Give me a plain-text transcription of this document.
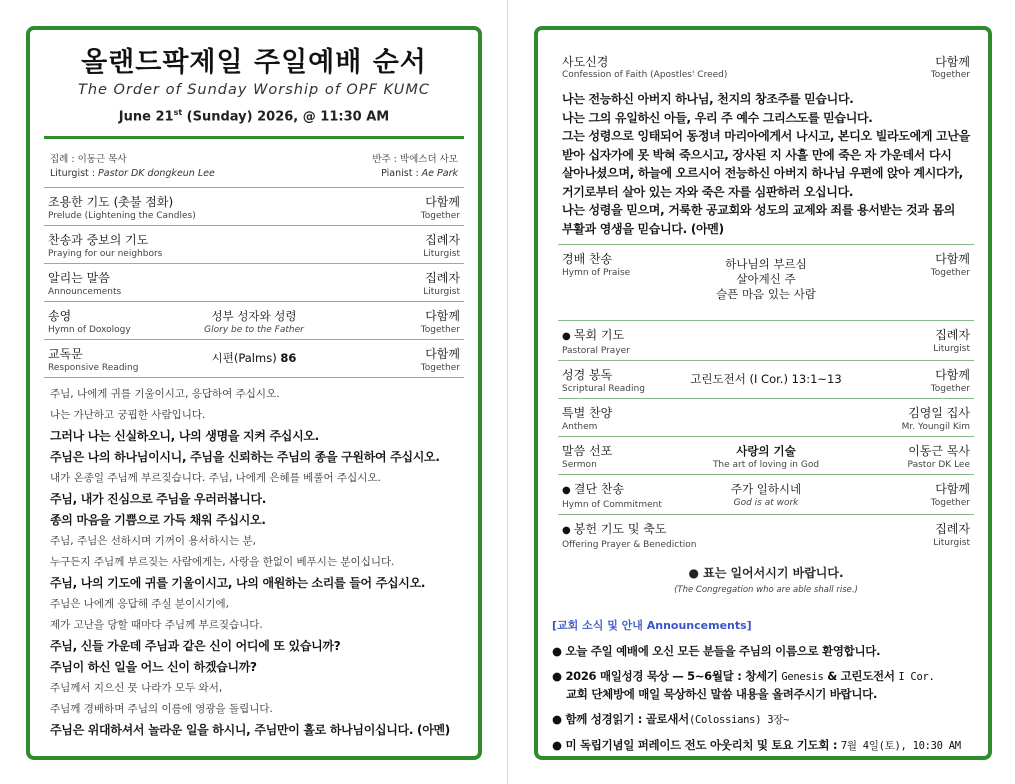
올랜드팍제일 주일예배 순서
The Order of Sunday Worship of OPF KUMC
June 21st (Sunday) 2026, @ 11:30 AM
집례 : 이동근 목사
Liturgist : Pastor DK dongkeun Lee
반주 : 박에스더 사모
Pianist : Ae Park
조용한 기도 (촛불 점화)
Prelude (Lightening the Candles)
다함께
Together
찬송과 중보의 기도
Praying for our neighbors
집례자
Liturgist
알리는 말씀
Announcements
집례자
Liturgist
송영
Hymn of Doxology
성부 성자와 성령
Glory be to the Father
다함께
Together
교독문
Responsive Reading
시편(Palms) 86	다함께
Together

주님, 나에게 귀를 기울이시고, 응답하여 주십시오.

나는 가난하고 궁핍한 사람입니다.

그러나 나는 신실하오니, 나의 생명을 지켜 주십시오.

주님은 나의 하나님이시니, 주님을 신뢰하는 주님의 종을 구원하여 주십시오.

내가 온종일 주님께 부르짖습니다. 주님, 나에게 은혜를 베풀어 주십시오.

주님, 내가 진심으로 주님을 우러러봅니다.

종의 마음을 기쁨으로 가득 채워 주십시오.

주님, 주님은 선하시며 기꺼이 용서하시는 분,

누구든지 주님께 부르짖는 사람에게는, 사랑을 한없이 베푸시는 분이십니다.

주님, 나의 기도에 귀를 기울이시고, 나의 애원하는 소리를 들어 주십시오.

주님은 나에게 응답해 주실 분이시기에,

제가 고난을 당할 때마다 주님께 부르짖습니다.

주님, 신들 가운데 주님과 같은 신이 어디에 또 있습니까?

주님이 하신 일을 어느 신이 하겠습니까?

주님께서 지으신 뭇 나라가 모두 와서,

주님께 경배하며 주님의 이름에 영광을 돌립니다.

주님은 위대하셔서 놀라운 일을 하시니, 주님만이 홀로 하나님이십니다. (아멘)

사도신경
Confession of Faith (Apostles' Creed)
다함께
Together

나는 전능하신 아버지 하나님, 천지의 창조주를 믿습니다.

나는 그의 유일하신 아들, 우리 주 예수 그리스도를 믿습니다.

그는 성령으로 잉태되어 동정녀 마리아에게서 나시고, 본디오 빌라도에게 고난을

받아 십자가에 못 박혀 죽으시고, 장사된 지 사흘 만에 죽은 자 가운데서 다시

살아나셨으며, 하늘에 오르시어 전능하신 아버지 하나님 우편에 앉아 계시다가,

거기로부터 살아 있는 자와 죽은 자를 심판하러 오십니다.

나는 성령을 믿으며, 거룩한 공교회와 성도의 교제와 죄를 용서받는 것과 몸의

부활과 영생을 믿습니다. (아멘)

경배 찬송
Hymn of Praise
하나님의 부르심
살아계신 주
슬픈 마음 있는 사람
다함께
Together
● 목회 기도
Pastoral Prayer
집례자
Liturgist
성경 봉독
Scriptural Reading
고린도전서 (I Cor.) 13:1~13	다함께
Together
특별 찬양
Anthem
김영일 집사
Mr. Youngil Kim
말씀 선포
Sermon
사랑의 기술
The art of loving in God
이동근 목사
Pastor DK Lee
● 결단 찬송
Hymn of Commitment
주가 일하시네
God is at work
다함께
Together
● 봉헌 기도 및 축도
Offering Prayer & Benediction
집례자
Liturgist
● 표는 일어서시기 바랍니다.
(The Congregation who are able shall rise.)
[교회 소식 및 안내 Announcements]
● 오늘 주일 예배에 오신 모든 분들을 주님의 이름으로 환영합니다.
● 2026 매일성경 묵상 — 5~6월달 : 창세기 Genesis & 고린도전서 I Cor.
교회 단체방에 매일 묵상하신 말씀 내용을 올려주시기 바랍니다.
● 함께 성경읽기 : 골로새서(Colossians) 3장~
● 미 독립기념일 퍼레이드 전도 아웃리치 및 토요 기도회 : 7월 4일(토), 10:30 AM
